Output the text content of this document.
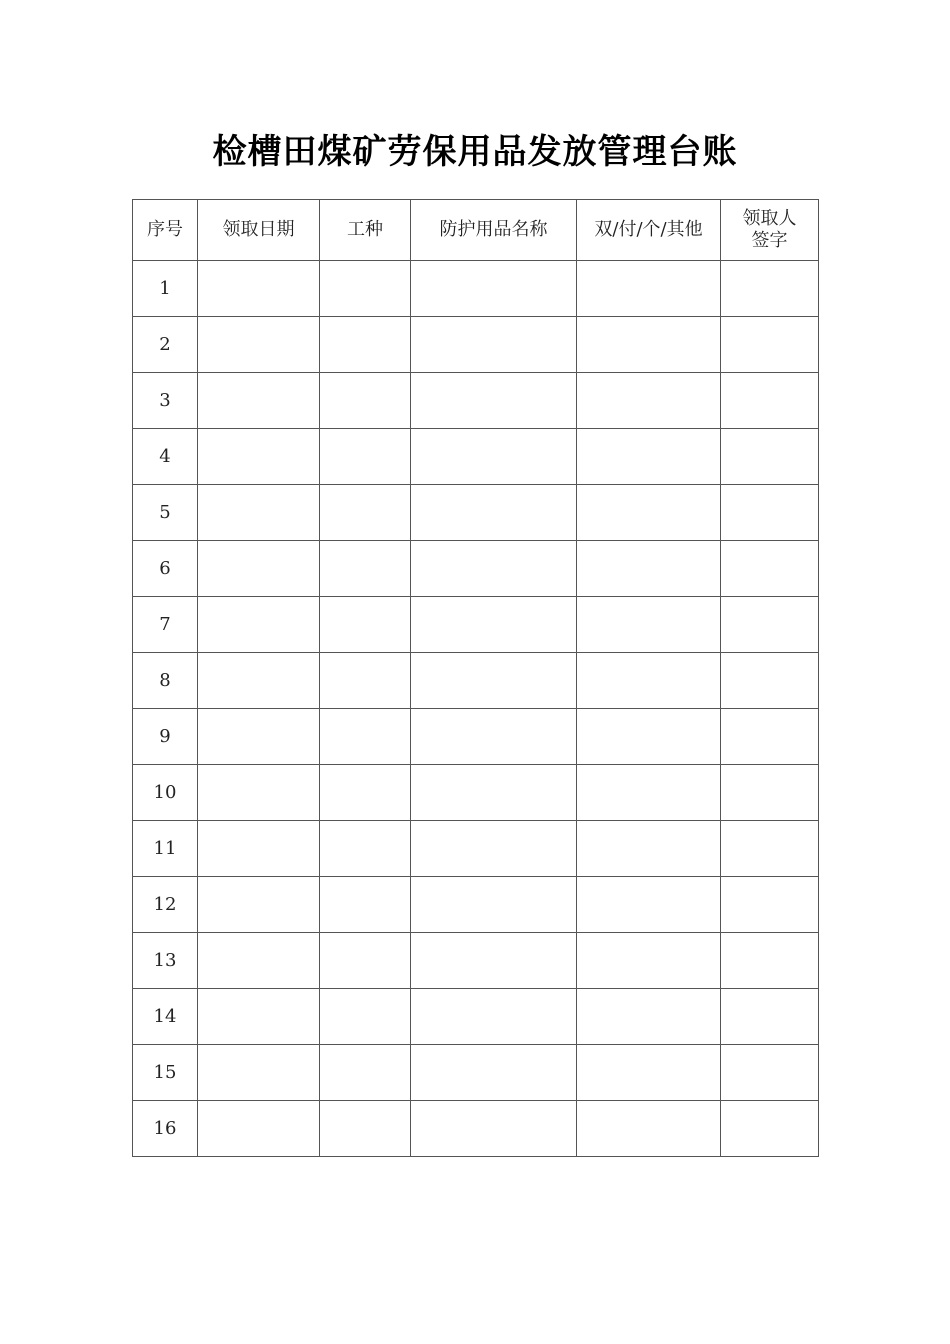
检槽田煤矿劳保用品发放管理台账
序号	领取日期	工种	防护用品名称	双/付/个/其他	领取人签字
1					
2					
3					
4					
5					
6					
7					
8					
9					
10					
11					
12					
13					
14					
15					
16					
